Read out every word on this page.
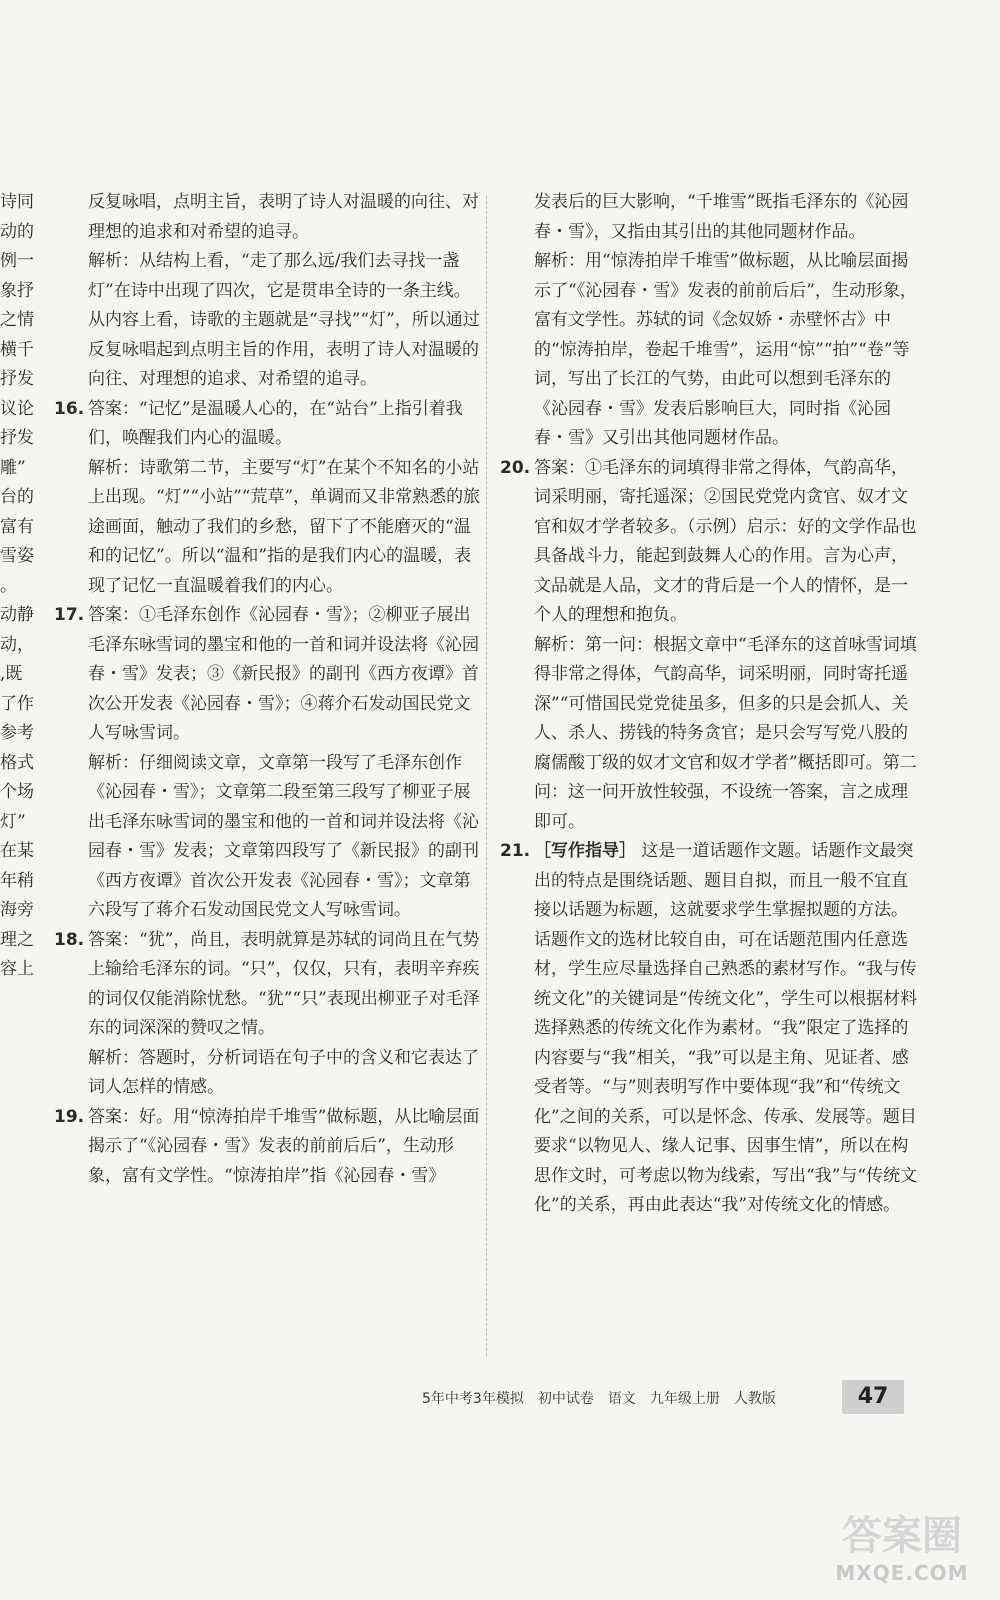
诗同

动的

例一

象抒

之情

横千

抒发

议论

抒发

雕”

台的

富有

雪姿

。

动静

动，

,既

了作

参考

格式

个场

灯”

在某

年稍

海旁

理之

容上

反复咏唱，点明主旨，表明了诗人对温暖的向往、对理想的追求和对希望的追寻。

解析：从结构上看，“走了那么远/我们去寻找一盏灯”在诗中出现了四次，它是贯串全诗的一条主线。从内容上看，诗歌的主题就是“寻找”“灯”，所以通过反复咏唱起到点明主旨的作用，表明了诗人对温暖的向往、对理想的追求、对希望的追寻。

16. 答案：“记忆”是温暖人心的，在“站台”上指引着我们，唤醒我们内心的温暖。

解析：诗歌第二节，主要写“灯”在某个不知名的小站上出现。“灯”“小站”“荒草”，单调而又非常熟悉的旅途画面，触动了我们的乡愁，留下了不能磨灭的“温和的记忆”。所以“温和”指的是我们内心的温暖，表现了记忆一直温暖着我们的内心。

17. 答案：①毛泽东创作《沁园春・雪》；②柳亚子展出毛泽东咏雪词的墨宝和他的一首和词并设法将《沁园春・雪》发表；③《新民报》的副刊《西方夜谭》首次公开发表《沁园春・雪》；④蒋介石发动国民党文人写咏雪词。

解析：仔细阅读文章，文章第一段写了毛泽东创作《沁园春・雪》；文章第二段至第三段写了柳亚子展出毛泽东咏雪词的墨宝和他的一首和词并设法将《沁园春・雪》发表；文章第四段写了《新民报》的副刊《西方夜谭》首次公开发表《沁园春・雪》；文章第六段写了蒋介石发动国民党文人写咏雪词。

18. 答案：“犹”，尚且，表明就算是苏轼的词尚且在气势上输给毛泽东的词。“只”，仅仅，只有，表明辛弃疾的词仅仅能消除忧愁。“犹”“只”表现出柳亚子对毛泽东的词深深的赞叹之情。

解析：答题时，分析词语在句子中的含义和它表达了词人怎样的情感。

19. 答案：好。用“惊涛拍岸千堆雪”做标题，从比喻层面揭示了“《沁园春・雪》发表的前前后后”，生动形象，富有文学性。“惊涛拍岸”指《沁园春・雪》

发表后的巨大影响，“千堆雪”既指毛泽东的《沁园春・雪》，又指由其引出的其他同题材作品。

解析：用“惊涛拍岸千堆雪”做标题，从比喻层面揭示了“《沁园春・雪》发表的前前后后”，生动形象，富有文学性。苏轼的词《念奴娇・赤壁怀古》中的“惊涛拍岸，卷起千堆雪”，运用“惊”“拍”“卷”等词，写出了长江的气势，由此可以想到毛泽东的《沁园春・雪》发表后影响巨大，同时指《沁园春・雪》又引出其他同题材作品。

20. 答案：①毛泽东的词填得非常之得体，气韵高华，词采明丽，寄托遥深；②国民党党内贪官、奴才文官和奴才学者较多。（示例）启示：好的文学作品也具备战斗力，能起到鼓舞人心的作用。言为心声，文品就是人品，文才的背后是一个人的情怀，是一个人的理想和抱负。

解析：第一问：根据文章中“毛泽东的这首咏雪词填得非常之得体，气韵高华，词采明丽，同时寄托遥深”“可惜国民党党徒虽多，但多的只是会抓人、关人、杀人、捞钱的特务贪官；是只会写写党八股的腐儒酸丁级的奴才文官和奴才学者”概括即可。第二问：这一问开放性较强，不设统一答案，言之成理即可。

21. ［写作指导］ 这是一道话题作文题。话题作文最突出的特点是围绕话题、题目自拟，而且一般不宜直接以话题为标题，这就要求学生掌握拟题的方法。话题作文的选材比较自由，可在话题范围内任意选材，学生应尽量选择自己熟悉的素材写作。“我与传统文化”的关键词是“传统文化”，学生可以根据材料选择熟悉的传统文化作为素材。“我”限定了选择的内容要与“我”相关，“我”可以是主角、见证者、感受者等。“与”则表明写作中要体现“我”和“传统文化”之间的关系，可以是怀念、传承、发展等。题目要求“以物见人、缘人记事、因事生情”，所以在构思作文时，可考虑以物为线索，写出“我”与“传统文化”的关系，再由此表达“我”对传统文化的情感。

5年中考3年模拟 初中试卷 语文 九年级上册 人教版	47
答案圈
MXQE.COM
